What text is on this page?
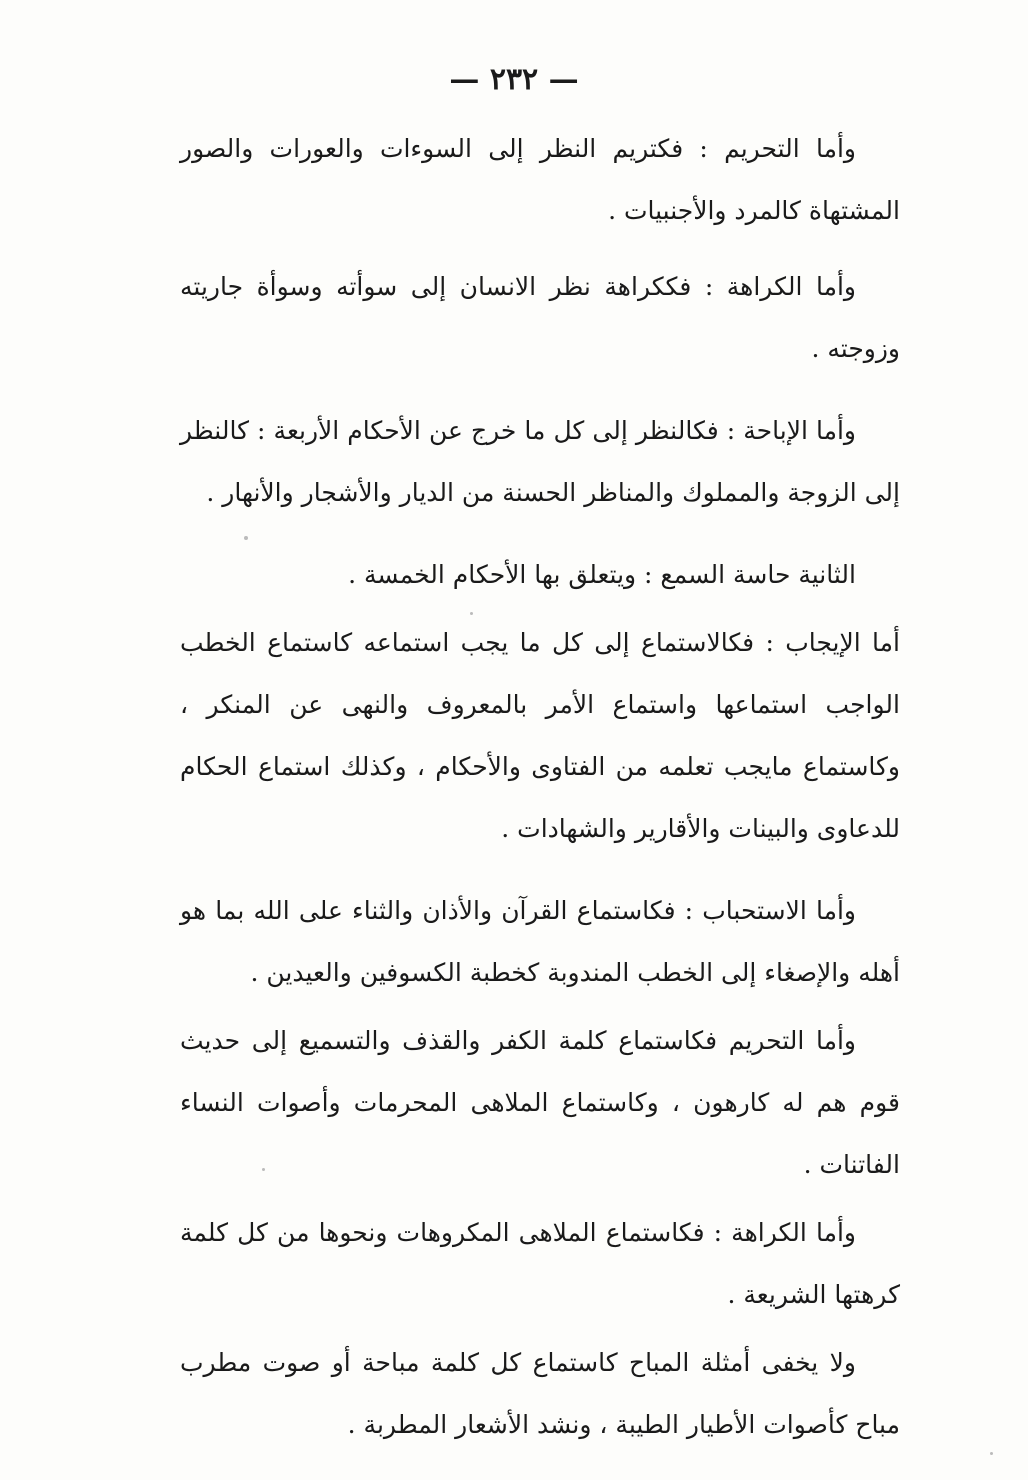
— ٢٣٢ —

وأما التحريم : فكتريم النظر إلى السوءات والعورات والصور المشتهاة كالمرد والأجنبيات .

وأما الكراهة : فككراهة نظر الانسان إلى سوأته وسوأة جاريته وزوجته .

وأما الإباحة : فكالنظر إلى كل ما خرج عن الأحكام الأربعة : كالنظر إلى الزوجة والمملوك والمناظر الحسنة من الديار والأشجار والأنهار .

الثانية حاسة السمع : ويتعلق بها الأحكام الخمسة .

أما الإيجاب : فكالاستماع إلى كل ما يجب استماعه كاستماع الخطب الواجب استماعها واستماع الأمر بالمعروف والنهى عن المنكر ، وكاستماع مايجب تعلمه من الفتاوى والأحكام ، وكذلك استماع الحكام للدعاوى والبينات والأقارير والشهادات .

وأما الاستحباب : فكاستماع القرآن والأذان والثناء على الله بما هو أهله والإصغاء إلى الخطب المندوبة كخطبة الكسوفين والعيدين .

وأما التحريم فكاستماع كلمة الكفر والقذف والتسميع إلى حديث قوم هم له كارهون ، وكاستماع الملاهى المحرمات وأصوات النساء الفاتنات .

وأما الكراهة : فكاستماع الملاهى المكروهات ونحوها من كل كلمة كرهتها الشريعة .

ولا يخفى أمثلة المباح كاستماع كل كلمة مباحة أو صوت مطرب مباح كأصوات الأطيار الطيبة ، ونشد الأشعار المطربة .
